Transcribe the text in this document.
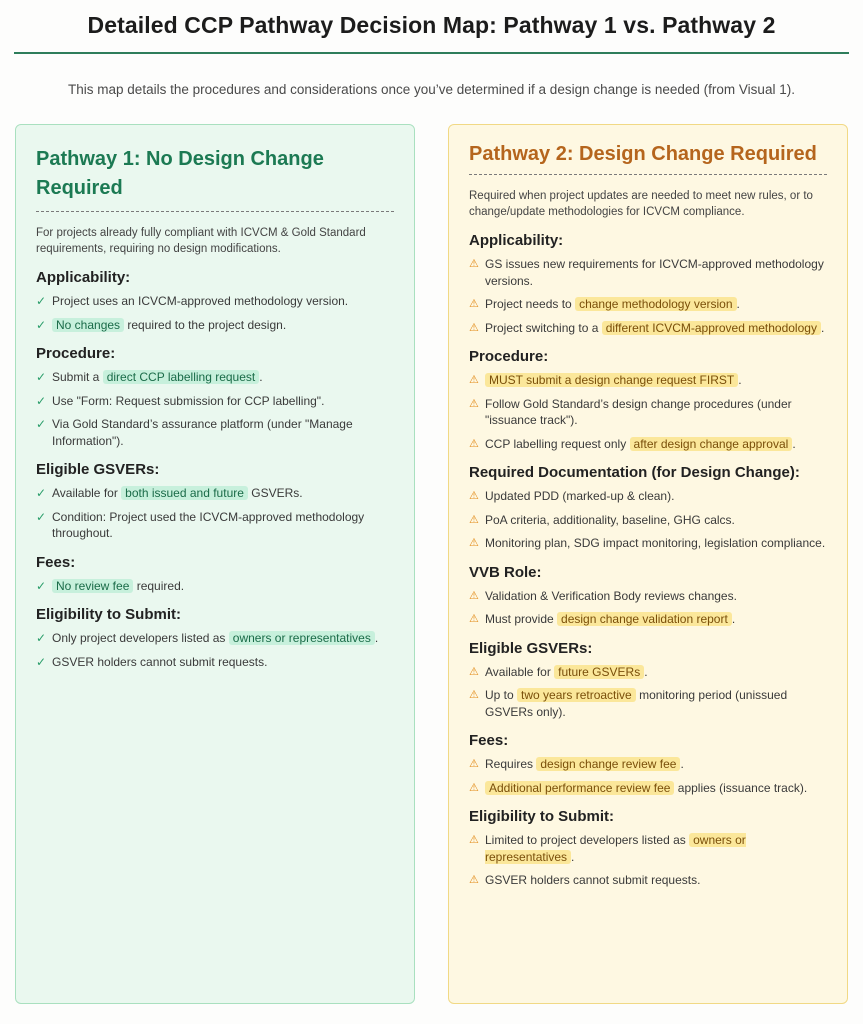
Detailed CCP Pathway Decision Map: Pathway 1 vs. Pathway 2
This map details the procedures and considerations once you’ve determined if a design change is needed (from Visual 1).
Pathway 1: No Design Change Required
For projects already fully compliant with ICVCM & Gold Standard requirements, requiring no design modifications.
Applicability:
✓ Project uses an ICVCM-approved methodology version.
✓ No changes required to the project design.
Procedure:
✓ Submit a direct CCP labelling request .
✓ Use "Form: Request submission for CCP labelling".
✓ Via Gold Standard’s assurance platform (under "Manage Information").
Eligible GSVERs:
✓ Available for both issued and future GSVERs.
✓ Condition: Project used the ICVCM-approved methodology throughout.
Fees:
✓ No review fee required.
Eligibility to Submit:
✓ Only project developers listed as owners or representatives .
✓ GSVER holders cannot submit requests.
Pathway 2: Design Change Required
Required when project updates are needed to meet new rules, or to change/update methodologies for ICVCM compliance.
Applicability:
⚠ GS issues new requirements for ICVCM-approved methodology versions.
⚠ Project needs to change methodology version .
⚠ Project switching to a different ICVCM-approved methodology .
Procedure:
⚠ MUST submit a design change request FIRST .
⚠ Follow Gold Standard’s design change procedures (under "issuance track").
⚠ CCP labelling request only after design change approval .
Required Documentation (for Design Change):
⚠ Updated PDD (marked-up & clean).
⚠ PoA criteria, additionality, baseline, GHG calcs.
⚠ Monitoring plan, SDG impact monitoring, legislation compliance.
VVB Role:
⚠ Validation & Verification Body reviews changes.
⚠ Must provide design change validation report .
Eligible GSVERs:
⚠ Available for future GSVERs .
⚠ Up to two years retroactive monitoring period (unissued GSVERs only).
Fees:
⚠ Requires design change review fee .
⚠ Additional performance review fee applies (issuance track).
Eligibility to Submit:
⚠ Limited to project developers listed as owners or representatives .
⚠ GSVER holders cannot submit requests.
